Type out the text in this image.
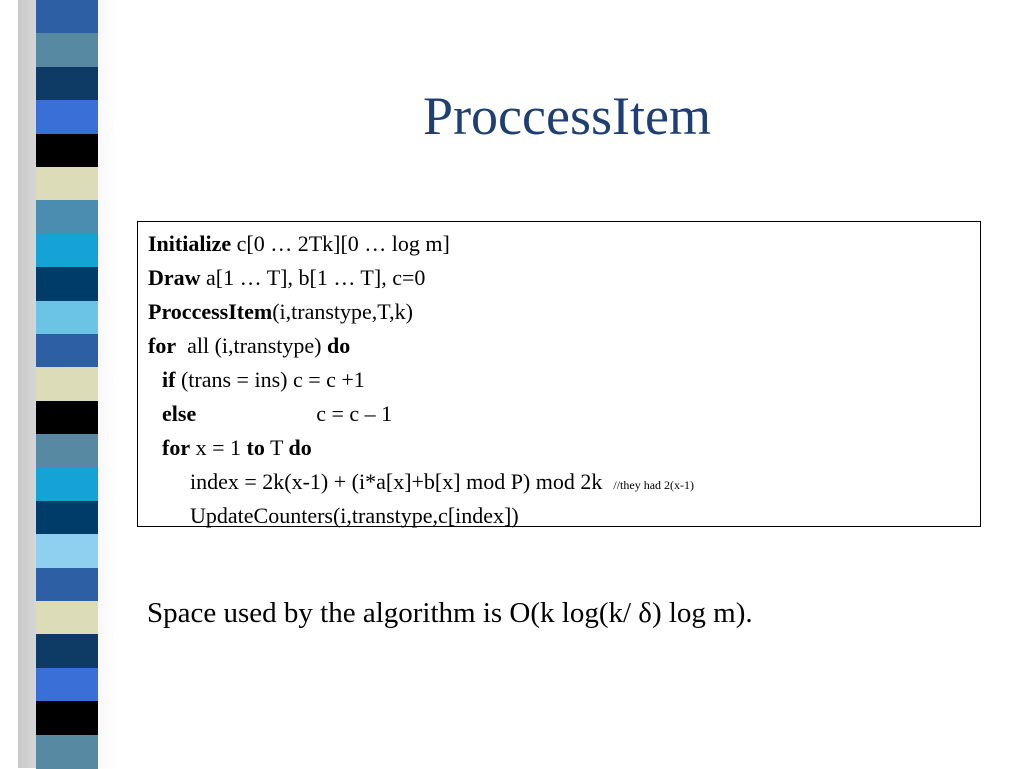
ProccessItem
Initialize c[0 … 2Tk][0 … log m]
Draw a[1 … T], b[1 … T], c=0
ProccessItem(i,transtype,T,k)
for  all (i,transtype) do
if (trans = ins) c = c +1
else	c = c – 1
for x = 1 to T do
index = 2k(x-1) + (i*a[x]+b[x] mod P) mod 2k  //they had 2(x-1)
UpdateCounters(i,transtype,c[index])
Space used by the algorithm is O(k log(k/ δ) log m).
